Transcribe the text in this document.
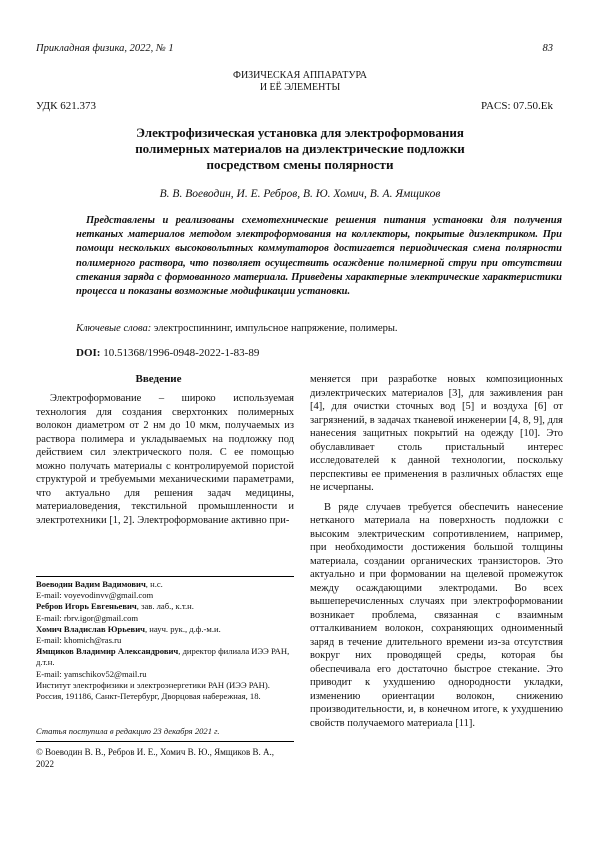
Прикладная физика, 2022, № 1	83
ФИЗИЧЕСКАЯ АППАРАТУРА
И ЕЁ ЭЛЕМЕНТЫ
УДК 621.373	PACS: 07.50.Ek
Электрофизическая установка для электроформования
полимерных материалов на диэлектрические подложки
посредством смены полярности
В. В. Воеводин, И. Е. Ребров, В. Ю. Хомич, В. А. Ямщиков
Представлены и реализованы схемотехнические решения питания установки для получения нетканых материалов методом электроформования на коллекторы, покрытые диэлектриком. При помощи нескольких высоковольтных коммутаторов достигается периодическая смена полярности полимерного раствора, что позволяет осуществить осаждение полимерной струи при отсутствии стекания заряда с формованного материала. Приведены характерные электрические характеристики процесса и показаны возможные модификации установки.
Ключевые слова: электроспиннинг, импульсное напряжение, полимеры.
DOI: 10.51368/1996-0948-2022-1-83-89
Введение
Электроформование – широко используемая технология для создания сверхтонких полимерных волокон диаметром от 2 нм до 10 мкм, получаемых из раствора полимера и укладываемых на подложку под действием сил электрического поля. С ее помощью можно получать материалы с контролируемой пористой структурой и требуемыми механическими параметрами, что актуально для решения задач медицины, материаловедения, текстильной промышленности и электротехники [1, 2]. Электроформование активно при-

меняется при разработке новых композиционных диэлектрических материалов [3], для заживления ран [4], для очистки сточных вод [5] и воздуха [6] от загрязнений, в задачах тканевой инженерии [4, 8, 9], для нанесения защитных покрытий на одежду [10]. Это обуславливает столь пристальный интерес исследователей к данной технологии, поскольку перспективы ее применения в различных областях еще не исчерпаны.

В ряде случаев требуется обеспечить нанесение нетканого материала на поверхность подложки с высоким электрическим сопротивлением, например, при необходимости достижения большой толщины материала, создании органических транзисторов. Это актуально и при формовании на щелевой промежуток между осаждающими электродами. Во всех вышеперечисленных случаях при электроформовании возникает проблема, связанная с взаимным отталкиванием волокон, сохраняющих одноименный заряд в течение длительного времени из-за отсутствия вокруг них проводящей среды, которая бы обеспечивала его достаточно быстрое стекание. Это приводит к ухудшению однородности укладки, изменению ориентации волокон, снижению производительности, и, в конечном итоге, к ухудшению свойств получаемого материала [11].

Воеводин Вадим Вадимович, н.с.
E-mail: voyevodinvv@gmail.com
Ребров Игорь Евгеньевич, зав. лаб., к.т.н.
E-mail: rbrv.igor@gmail.com
Хомич Владислав Юрьевич, науч. рук., д.ф.-м.и.
E-mail: khomich@ras.ru
Ямщиков Владимир Александрович, директор филиала ИЭЭ РАН, д.т.н.
E-mail: yamschikov52@mail.ru
Институт электрофизики и электроэнергетики РАН (ИЭЭ РАН).
Россия, 191186, Санкт-Петербург, Дворцовая набережная, 18.
Статья поступила в редакцию 23 декабря 2021 г.
© Воеводин В. В., Ребров И. Е., Хомич В. Ю., Ямщиков В. А., 2022
